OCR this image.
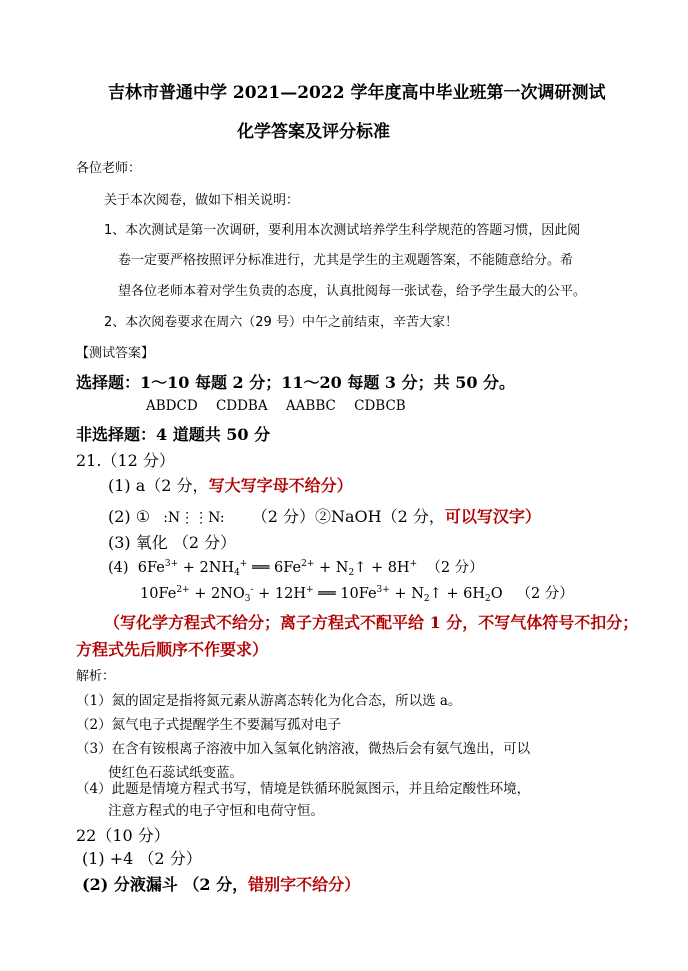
吉林市普通中学 2021—2022 学年度高中毕业班第一次调研测试
化学答案及评分标准
各位老师：
关于本次阅卷，做如下相关说明：
1、本次测试是第一次调研，要利用本次测试培养学生科学规范的答题习惯，因此阅
卷一定要严格按照评分标准进行，尤其是学生的主观题答案，不能随意给分。希
望各位老师本着对学生负责的态度，认真批阅每一张试卷，给予学生最大的公平。
2、本次阅卷要求在周六（29 号）中午之前结束，辛苦大家！
【测试答案】
选择题：1～10 每题 2 分；11～20 每题 3 分；共 50 分。
ABDCD CDDBA AABBC CDBCB
非选择题：4 道题共 50 分
21.（12 分）
(1) a（2 分，写大写字母不给分）
(2) ① :N⋮⋮N: （2 分）②NaOH（2 分，可以写汉字）
(3) 氧化 （2 分）
(4)  $6Fe^{3+} + 2NH_4^+$ ══ $6Fe^{2+}$ + $N_2↑ + 8H^+$ （2 分）
$10Fe^{2+} + 2NO_3^- + 12H^+$ ══ $10Fe^{3+}$ + $N_2↑ + 6H_2O$   （2 分）
（写化学方程式不给分；离子方程式不配平给 1 分，不写气体符号不扣分；
方程式先后顺序不作要求）
解析：
（1）氮的固定是指将氮元素从游离态转化为化合态，所以选 a。
（2）氮气电子式提醒学生不要漏写孤对电子
（3）在含有铵根离子溶液中加入氢氧化钠溶液，微热后会有氨气逸出，可以
使红色石蕊试纸变蓝。
（4）此题是情境方程式书写，情境是铁循环脱氮图示，并且给定酸性环境，
注意方程式的电子守恒和电荷守恒。
22（10 分）
(1) +4 （2 分）
(2) 分液漏斗 （2 分，错别字不给分）
